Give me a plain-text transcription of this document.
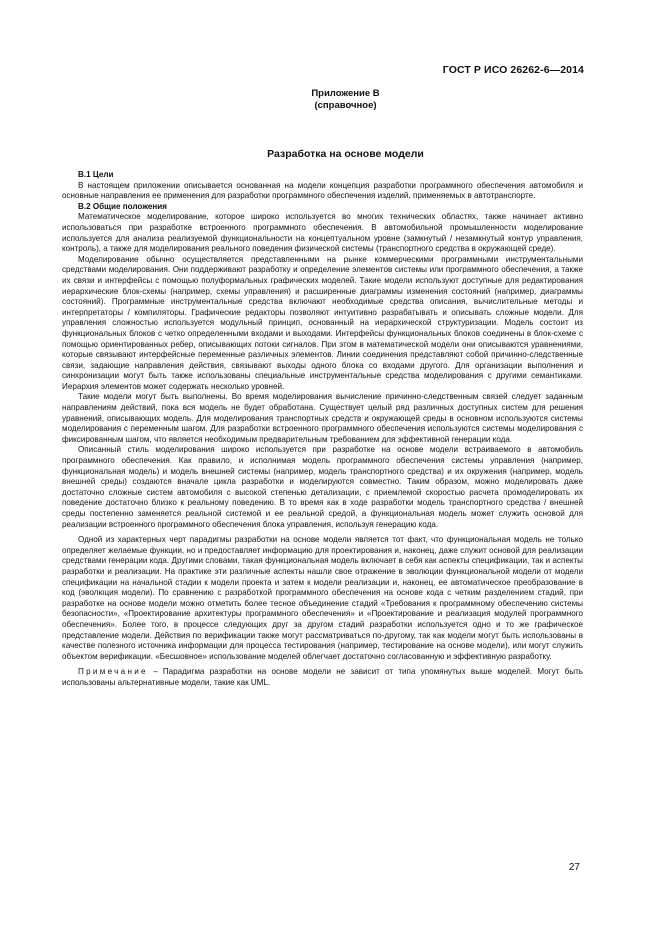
ГОСТ Р ИСО 26262-6—2014
Приложение В
(справочное)
Разработка на основе модели

В.1 Цели

В настоящем приложении описывается основанная на модели концепция разработки программного обеспечения автомобиля и основные направления ее применения для разработки программного обеспечения изделий, применяемых в автотранспорте.

В.2 Общие положения

Математическое моделирование, которое широко используется во многих технических областях, также начинает активно использоваться при разработке встроенного программного обеспечения. В автомобильной промышленности моделирование используется для анализа реализуемой функциональности на концептуальном уровне (замкнутый / незамкнутый контур управления, контроль), а также для моделирования реального поведения физической системы (транспортного средства в окружающей среде).

Моделирование обычно осуществляется представленными на рынке коммерческими программными инструментальными средствами моделирования. Они поддерживают разработку и определение элементов системы или программного обеспечения, а также их связи и интерфейсы с помощью полуформальных графических моделей. Такие модели используют доступные для редактирования иерархические блок-схемы (например, схемы управления) и расширенные диаграммы изменения состояний (например, диаграммы состояний). Программные инструментальные средства включают необходимые средства описания, вычислительные методы и интерпретаторы / компиляторы. Графические редакторы позволяют интуитивно разрабатывать и описывать сложные модели. Для управления сложностью используется модульный принцип, основанный на иерархической структуризации. Модель состоит из функциональных блоков с четко определенными входами и выходами. Интерфейсы функциональных блоков соединены в блок-схеме с помощью ориентированных ребер, описывающих потоки сигналов. При этом в математической модели они описываются уравнениями, которые связывают интерфейсные переменные различных элементов. Линии соединения представляют собой причинно-следственные связи, задающие направления действия, связывают выходы одного блока со входами другого. Для организации выполнения и синхронизации могут быть также использованы специальные инструментальные средства моделирования с другими семантиками. Иерархия элементов может содержать несколько уровней.

Такие модели могут быть выполнены. Во время моделирования вычисление причинно-следственным связей следует заданным направлениям действий, пока вся модель не будет обработана. Существует целый ряд различных доступных систем для решения уравнений, описывающих модель. Для моделирования транспортных средств и окружающей среды в основном используются системы моделирования с переменным шагом. Для разработки встроенного программного обеспечения используются системы моделирования с фиксированным шагом, что является необходимым предварительным требованием для эффективной генерации кода.

Описанный стиль моделирования широко используется при разработке на основе модели встраиваемого в автомобиль программного обеспечения. Как правило, и исполнимая модель программного обеспечения системы управления (например, функциональная модель) и модель внешней системы (например, модель транспортного средства) и их окружения (например, модель внешней среды) создаются вначале цикла разработки и моделируются совместно. Таким образом, можно моделировать даже достаточно сложные систем автомобиля с высокой степенью детализации, с приемлемой скоростью расчета промоделировать их поведение достаточно близко к реальному поведению. В то время как в ходе разработки модель транспортного средства / внешней среды постепенно заменяется реальной системой и ее реальной средой, а функциональная модель может служить основой для реализации встроенного программного обеспечения блока управления, используя генерацию кода.

Одной из характерных черт парадигмы разработки на основе модели является тот факт, что функциональная модель не только определяет желаемые функции, но и предоставляет информацию для проектирования и, наконец, даже служит основой для реализации средствами генерации кода. Другими словами, такая функциональная модель включает в себя как аспекты спецификации, так и аспекты разработки и реализации. На практике эти различные аспекты нашли свое отражение в эволюции функциональной модели от модели спецификации на начальной стадии к модели проекта и затем к модели реализации и, наконец, ее автоматическое преобразование в код (эволюция модели). По сравнению с разработкой программного обеспечения на основе кода с четким разделением стадий, при разработке на основе модели можно отметить более тесное объединение стадий «Требования к программному обеспечению системы безопасности», «Проектирование архитектуры программного обеспечения» и «Проектирование и реализация модулей программного обеспечения». Более того, в процессе следующих друг за другом стадий разработки используется одно и то же графическое представление модели. Действия по верификации также могут рассматриваться по-другому, так как модели могут быть использованы в качестве полезного источника информации для процесса тестирования (например, тестирование на основе модели), или могут служить объектом верификации. «Бесшовное» использование моделей облегчает достаточно согласованную и эффективную разработку.

Примечание – Парадигма разработки на основе модели не зависит от типа упомянутых выше моделей. Могут быть использованы альтернативные модели, такие как UML.

27
